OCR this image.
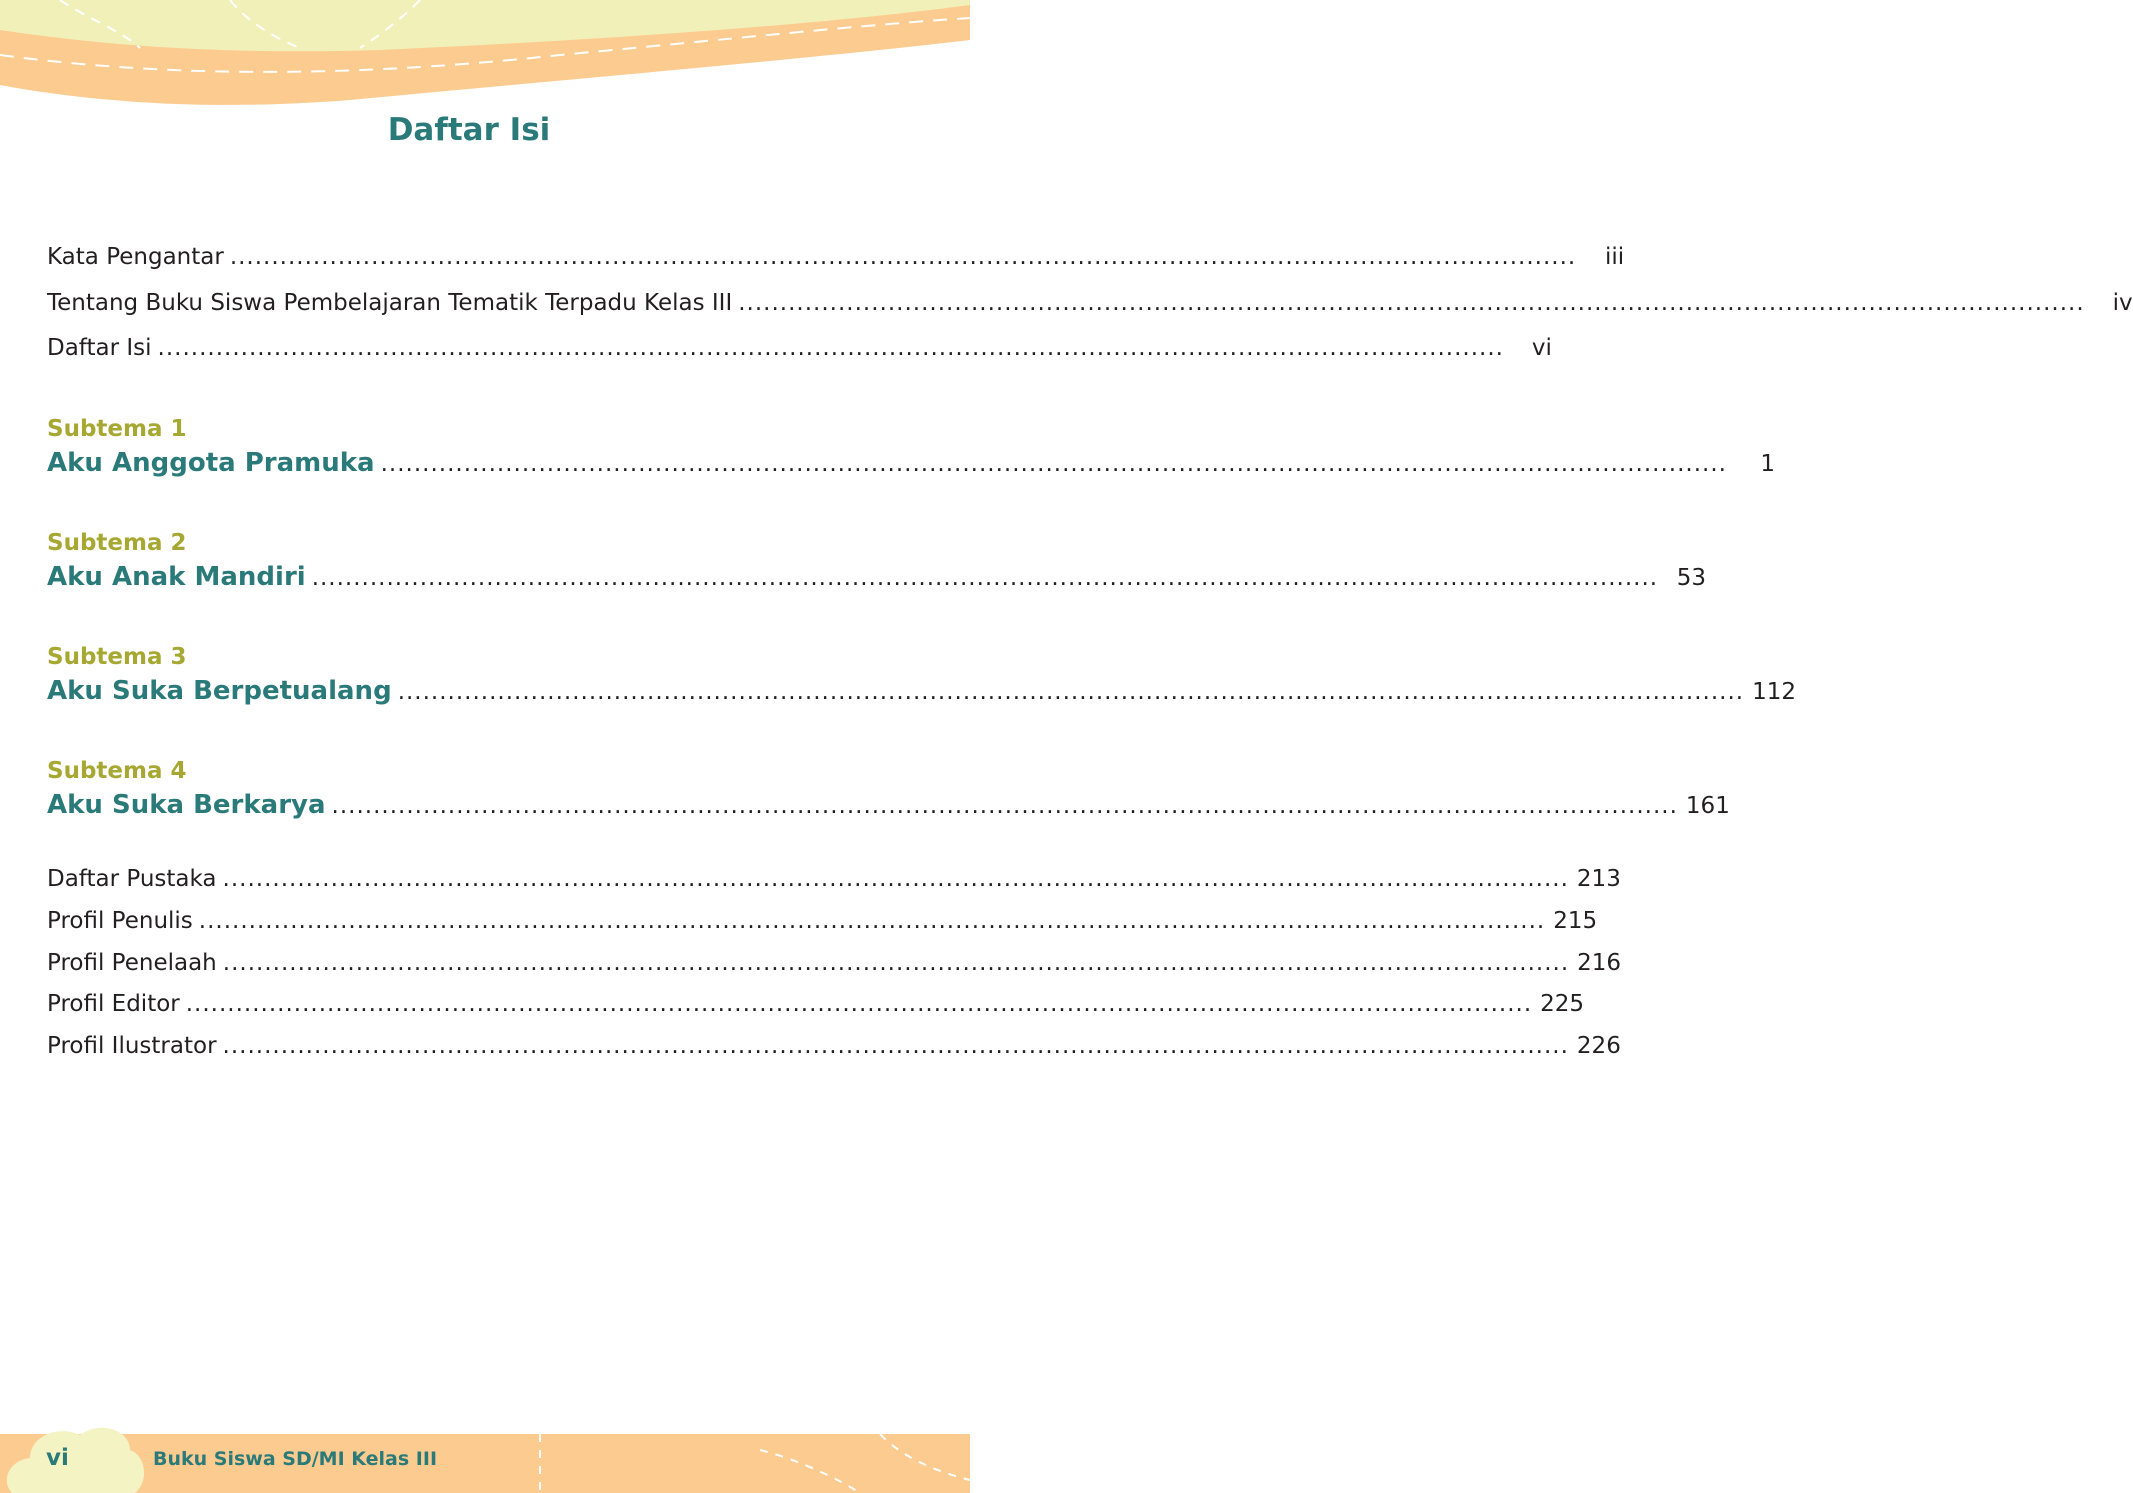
Daftar Isi
Kata Pengantar ..................................................................................................................................................................	iii
Tentang Buku Siswa Pembelajaran Tematik Terpadu Kelas III ..................................................................................................................................................................	iv
Daftar Isi ..................................................................................................................................................................	vi
Subtema 1
Aku Anggota Pramuka ..................................................................................................................................................................	1
Subtema 2
Aku Anak Mandiri .................................................................................................................................................................. 53
Subtema 3
Aku Suka Berpetualang .................................................................................................................................................................. 112
Subtema 4
Aku Suka Berkarya .................................................................................................................................................................. 161
Daftar Pustaka .................................................................................................................................................................. 213
Profil Penulis .................................................................................................................................................................. 215
Profil Penelaah .................................................................................................................................................................. 216
Profil Editor .................................................................................................................................................................. 225
Profil Ilustrator .................................................................................................................................................................. 226
vi	Buku Siswa SD/MI Kelas III
